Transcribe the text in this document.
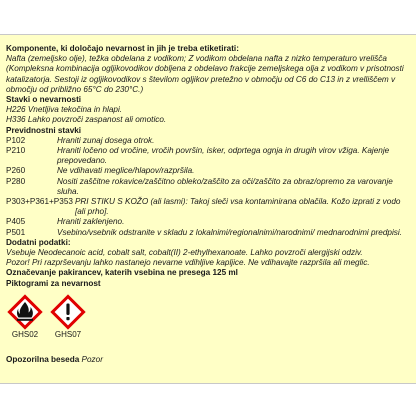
Komponente, ki določajo nevarnost in jih je treba etiketirati:
Nafta (zemeljsko olje), težka obdelana z vodikom; Z vodikom obdelana nafta z nizko temperaturo vrelišča (Kompleksna kombinacija ogljikovodikov dobljena z obdelavo frakcije zemeljskega olja z vodikom v prisotnosti katalizatorja. Sestoji iz ogljikovodikov s številom ogljikov pretežno v območju od C6 do C13 in z vrelliščem v območju od približno 65°C do 230°C.)
Stavki o nevarnosti
H226 Vnetljiva tekočina in hlapi.
H336 Lahko povzroči zaspanost ali omotico.
Previdnostni stavki
P102	Hraniti zunaj dosega otrok.
P210	Hraniti ločeno od vročine, vročih površin, isker, odprtega ognja in drugih virov vžiga. Kajenje prepovedano.
P260	Ne vdihavati meglice/hlapov/razpršila.
P280	Nositi zaščitne rokavice/zaščitno obleko/zaščito za oči/zaščito za obraz/opremo za varovanje sluha.
P303+P361+P353 PRI STIKU S KOŽO (ali lasmi): Takoj sleči vsa kontaminirana oblačila. Kožo izprati z vodo [ali prho].
P405	Hraniti zaklenjeno.
P501	Vsebino/vsebnik odstranite v skladu z lokalnimi/regionalnimi/narodnimi/ mednarodnimi predpisi.
Dodatni podatki:
Vsebuje Neodecanoic acid, cobalt salt, cobalt(II) 2-ethylhexanoate. Lahko povzroči alergijski odziv.
Pozor! Pri razprševanju lahko nastanejo nevarne vdihljive kapljice. Ne vdihavajte razpršila ali meglic.
Označevanje pakirancev, katerih vsebina ne presega 125 ml
Piktogrami za nevarnost
GHS02	GHS07
Opozorilna beseda Pozor
